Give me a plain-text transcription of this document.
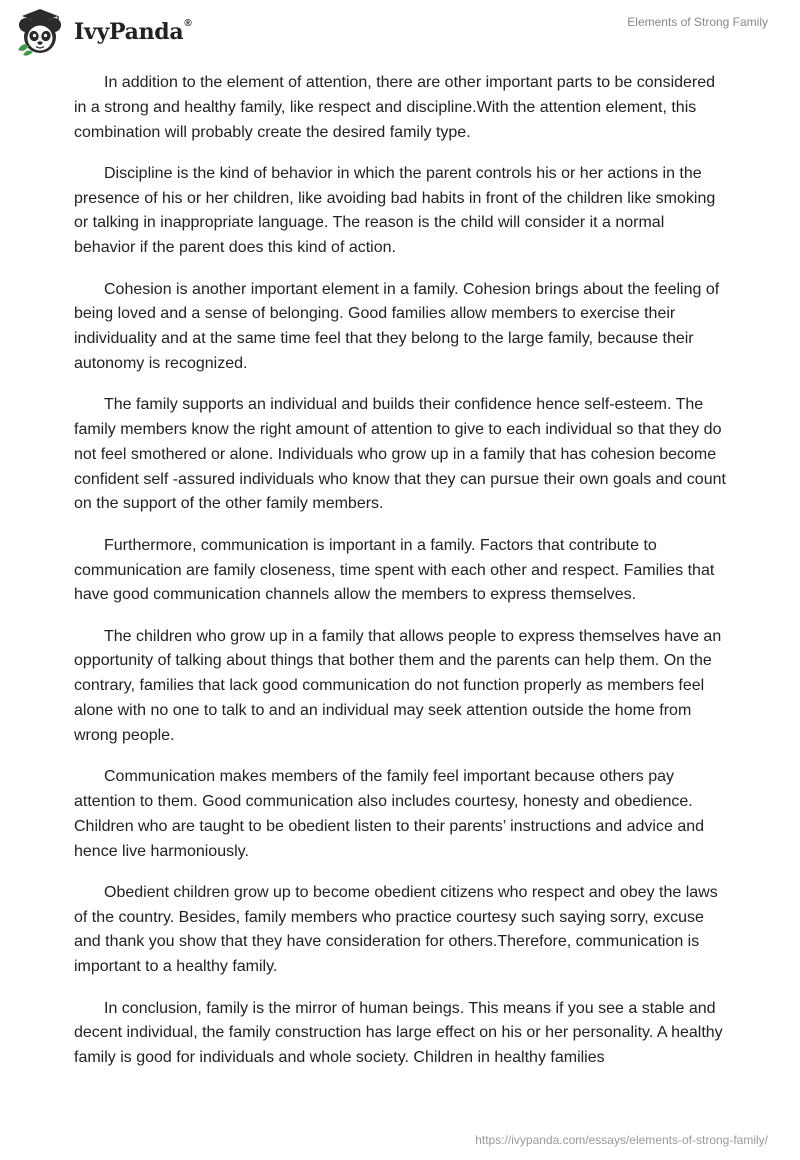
IvyPanda®	Elements of Strong Family

In addition to the element of attention, there are other important parts to be considered in a strong and healthy family, like respect and discipline.With the attention element, this combination will probably create the desired family type.

Discipline is the kind of behavior in which the parent controls his or her actions in the presence of his or her children, like avoiding bad habits in front of the children like smoking or talking in inappropriate language. The reason is the child will consider it a normal behavior if the parent does this kind of action.

Cohesion is another important element in a family. Cohesion brings about the feeling of being loved and a sense of belonging. Good families allow members to exercise their individuality and at the same time feel that they belong to the large family, because their autonomy is recognized.

The family supports an individual and builds their confidence hence self-esteem. The family members know the right amount of attention to give to each individual so that they do not feel smothered or alone. Individuals who grow up in a family that has cohesion become confident self -assured individuals who know that they can pursue their own goals and count on the support of the other family members.

Furthermore, communication is important in a family. Factors that contribute to communication are family closeness, time spent with each other and respect. Families that have good communication channels allow the members to express themselves.

The children who grow up in a family that allows people to express themselves have an opportunity of talking about things that bother them and the parents can help them. On the contrary, families that lack good communication do not function properly as members feel alone with no one to talk to and an individual may seek attention outside the home from wrong people.

Communication makes members of the family feel important because others pay attention to them. Good communication also includes courtesy, honesty and obedience. Children who are taught to be obedient listen to their parents’ instructions and advice and hence live harmoniously.

Obedient children grow up to become obedient citizens who respect and obey the laws of the country. Besides, family members who practice courtesy such saying sorry, excuse and thank you show that they have consideration for others.Therefore, communication is important to a healthy family.

In conclusion, family is the mirror of human beings. This means if you see a stable and decent individual, the family construction has large effect on his or her personality. A healthy family is good for individuals and whole society. Children in healthy families

https://ivypanda.com/essays/elements-of-strong-family/
